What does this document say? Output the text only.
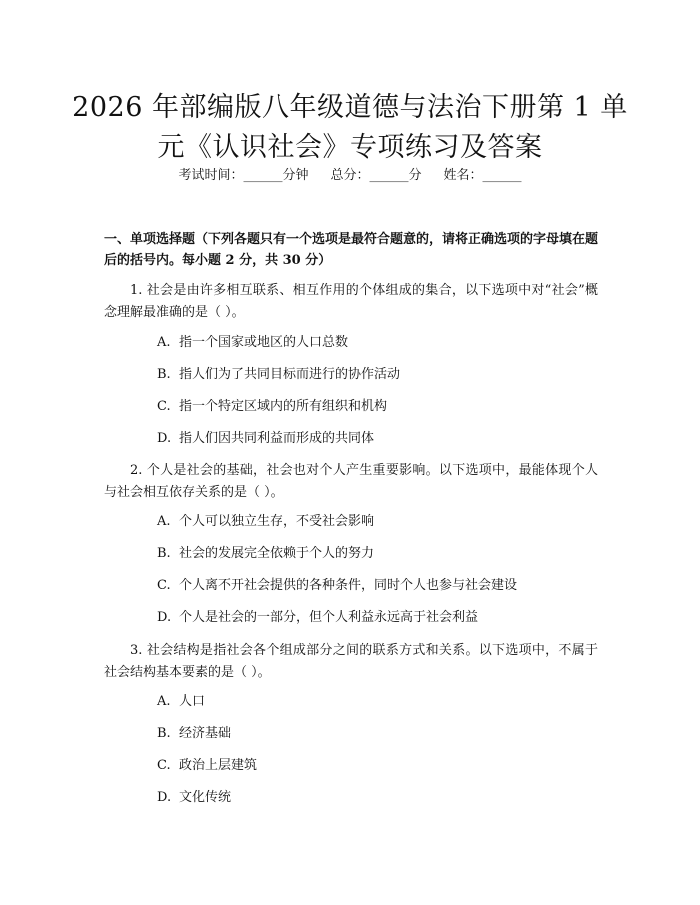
2026 年部编版八年级道德与法治下册第 1 单
元《认识社会》专项练习及答案
考试时间：______分钟 总分：______分 姓名：______
一、单项选择题（下列各题只有一个选项是最符合题意的，请将正确选项的字母填在题后的括号内。每小题 2 分，共 30 分）
1. 社会是由许多相互联系、相互作用的个体组成的集合，以下选项中对“社会”概念理解最准确的是（ ）。
A. 指一个国家或地区的人口总数
B. 指人们为了共同目标而进行的协作活动
C. 指一个特定区域内的所有组织和机构
D. 指人们因共同利益而形成的共同体
2. 个人是社会的基础，社会也对个人产生重要影响。以下选项中，最能体现个人与社会相互依存关系的是（ ）。
A. 个人可以独立生存，不受社会影响
B. 社会的发展完全依赖于个人的努力
C. 个人离不开社会提供的各种条件，同时个人也参与社会建设
D. 个人是社会的一部分，但个人利益永远高于社会利益
3. 社会结构是指社会各个组成部分之间的联系方式和关系。以下选项中，不属于社会结构基本要素的是（ ）。
A. 人口
B. 经济基础
C. 政治上层建筑
D. 文化传统
